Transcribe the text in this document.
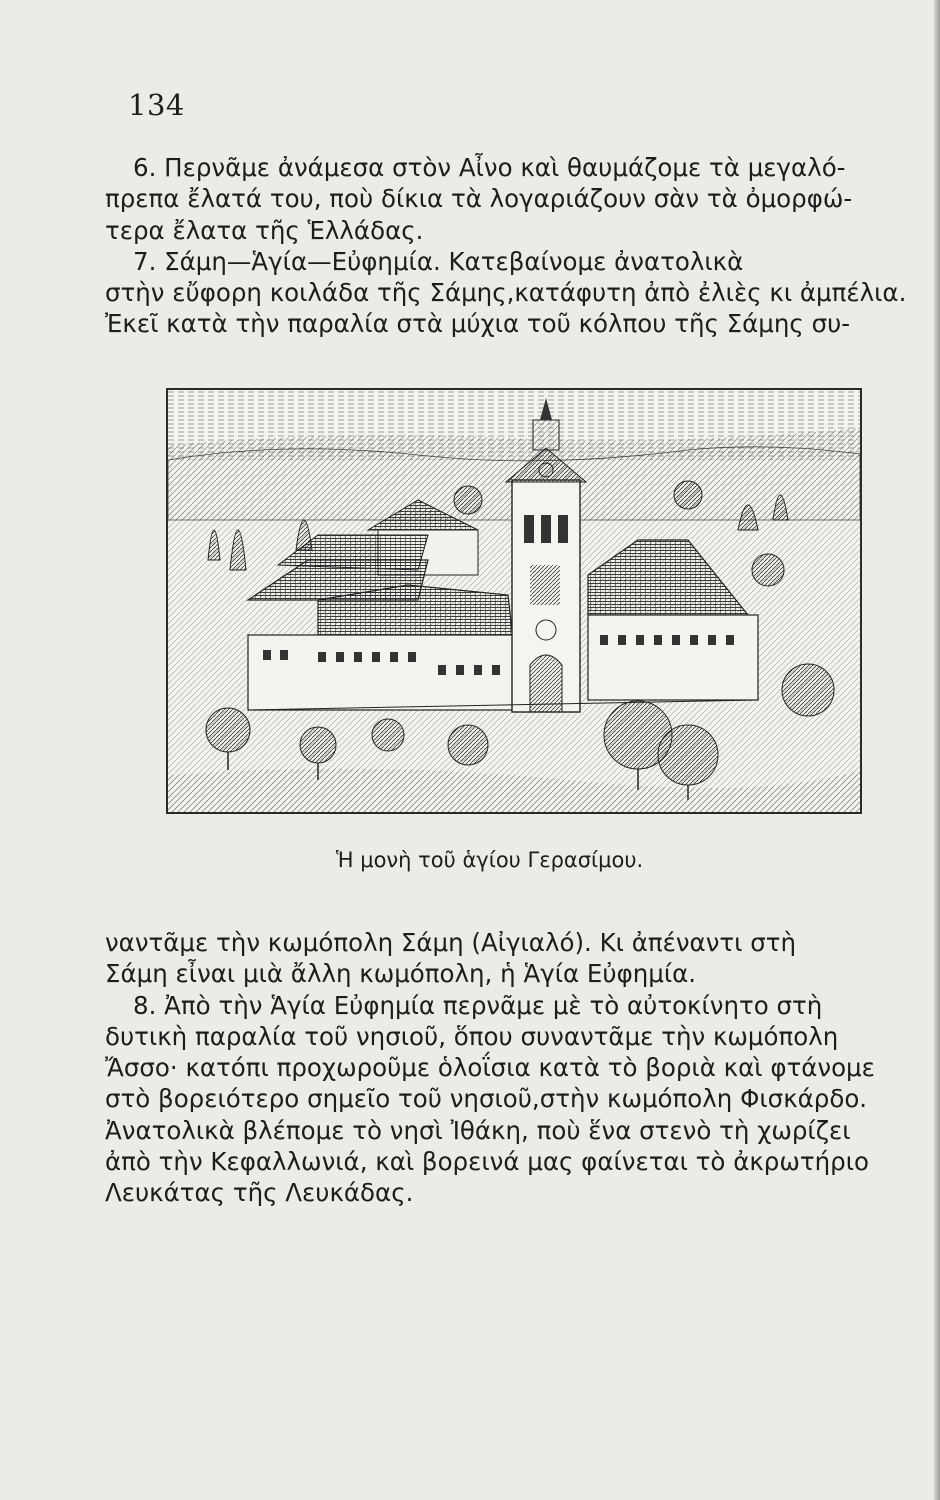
134
6. Περνᾶμε ἀνάμεσα στὸν Αἶνο καὶ θαυμάζομε τὰ μεγαλό-
πρεπα ἔλατά του, ποὺ δίκια τὰ λογαριάζουν σὰν τὰ ὀμορφώ-
τερα ἔλατα τῆς Ἑλλάδας.
7. Σάμη—Ἁγία—Εὐφημία. Κατεβαίνομε ἀνατολικὰ
στὴν εὔφορη κοιλάδα τῆς Σάμης,κατάφυτη ἀπὸ ἐλιὲς κι ἀμπέλια.
Ἐκεῖ κατὰ τὴν παραλία στὰ μύχια τοῦ κόλπου τῆς Σάμης συ-
Ἡ μονὴ τοῦ ἁγίου Γερασίμου.
ναντᾶμε τὴν κωμόπολη Σάμη (Αἰγιαλό). Κι ἀπέναντι στὴ
Σάμη εἶναι μιὰ ἄλλη κωμόπολη, ἡ Ἁγία Εὐφημία.
8. Ἀπὸ τὴν Ἁγία Εὐφημία περνᾶμε μὲ τὸ αὐτοκίνητο στὴ
δυτικὴ παραλία τοῦ νησιοῦ, ὅπου συναντᾶμε τὴν κωμόπολη
Ἄσσο· κατόπι προχωροῦμε ὁλοΐσια κατὰ τὸ βοριὰ καὶ φτάνομε
στὸ βορειότερο σημεῖο τοῦ νησιοῦ,στὴν κωμόπολη Φισκάρδο.
Ἀνατολικὰ βλέπομε τὸ νησὶ Ἰθάκη, ποὺ ἕνα στενὸ τὴ χωρίζει
ἀπὸ τὴν Κεφαλλωνιά, καὶ βορεινά μας φαίνεται τὸ ἀκρωτήριο
Λευκάτας τῆς Λευκάδας.
